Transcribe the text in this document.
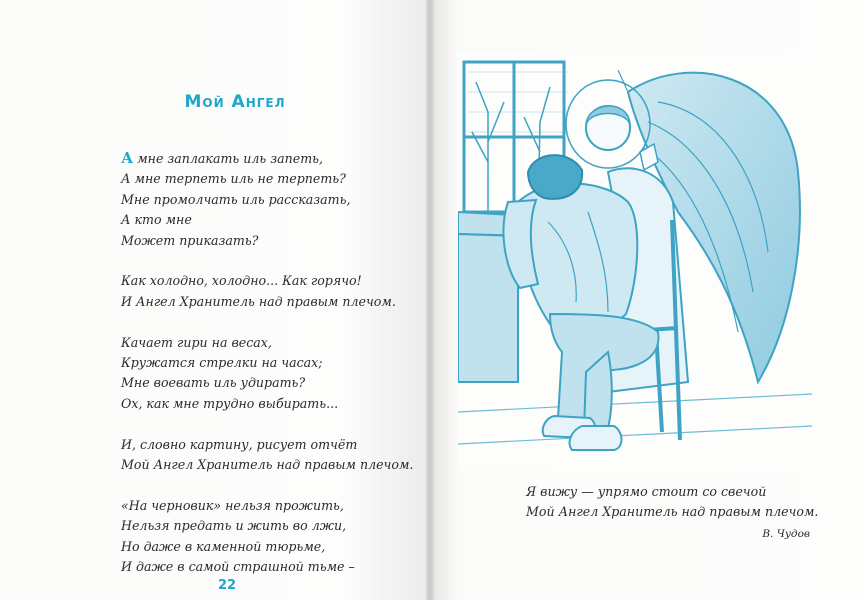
Мой Ангел
А мне заплакать иль запеть,
А мне терпеть иль не терпеть?
Мне промолчать иль рассказать,
А кто мне
Может приказать?
Как холодно, холодно... Как горячо!
И Ангел Хранитель над правым плечом.
Качает гири на весах,
Кружатся стрелки на часах;
Мне воевать иль удирать?
Ох, как мне трудно выбирать...
И, словно картину, рисует отчёт
Мой Ангел Хранитель над правым плечом.
«На черновик» нельзя прожить,
Нельзя предать и жить во лжи,
Но даже в каменной тюрьме,
И даже в самой страшной тьме –
22
Я вижу — упрямо стоит со свечой
Мой Ангел Хранитель над правым плечом.
В. Чудов
